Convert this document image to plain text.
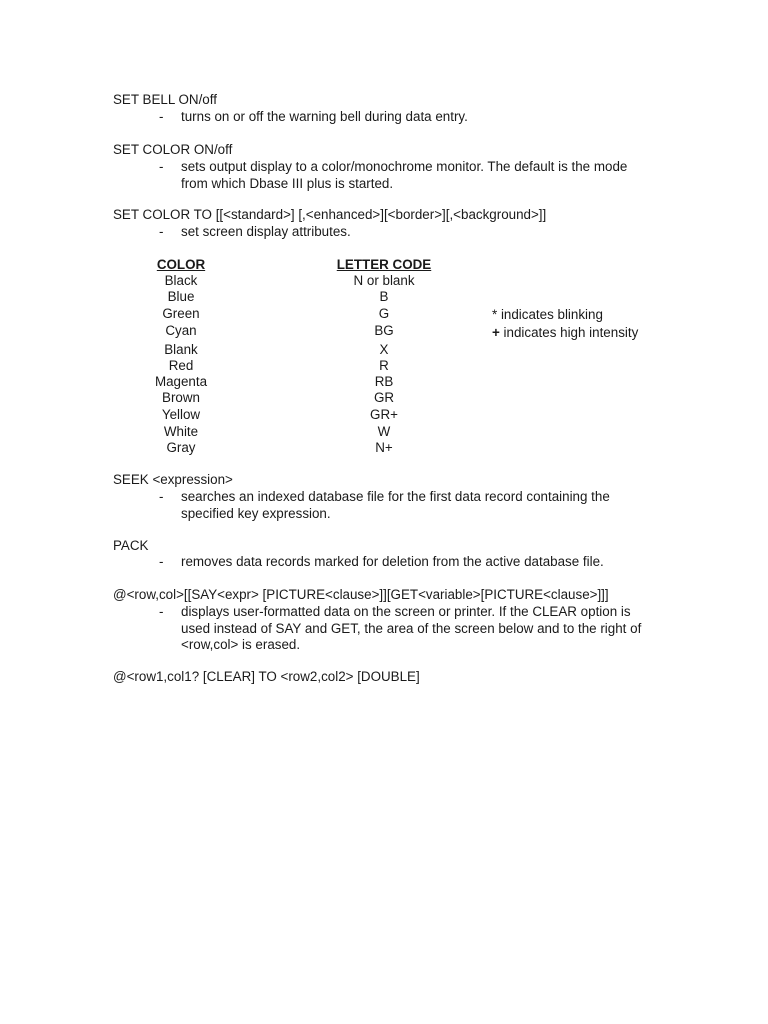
SET BELL ON/off
- turns on or off the warning bell during data entry.
SET COLOR ON/off
- sets output display to a color/monochrome monitor. The default is the mode from which Dbase III plus is started.
SET COLOR TO [[<standard>] [,<enhanced>][<border>][,<background>]]
- set screen display attributes.
COLOR	LETTER CODE
Black	N or blank
Blue	B
Green	G
Cyan	BG
Blank	X
Red	R
Magenta	RB
Brown	GR
Yellow	GR+
White	W
Gray	N+
* indicates blinking
+ indicates high intensity
SEEK <expression>
- searches an indexed database file for the first data record containing the specified key expression.
PACK
- removes data records marked for deletion from the active database file.
@<row,col>[[SAY<expr> [PICTURE<clause>]][GET<variable>[PICTURE<clause>]]]
- displays user-formatted data on the screen or printer. If the CLEAR option is used instead of SAY and GET, the area of the screen below and to the right of <row,col> is erased.
@<row1,col1? [CLEAR] TO <row2,col2> [DOUBLE]
